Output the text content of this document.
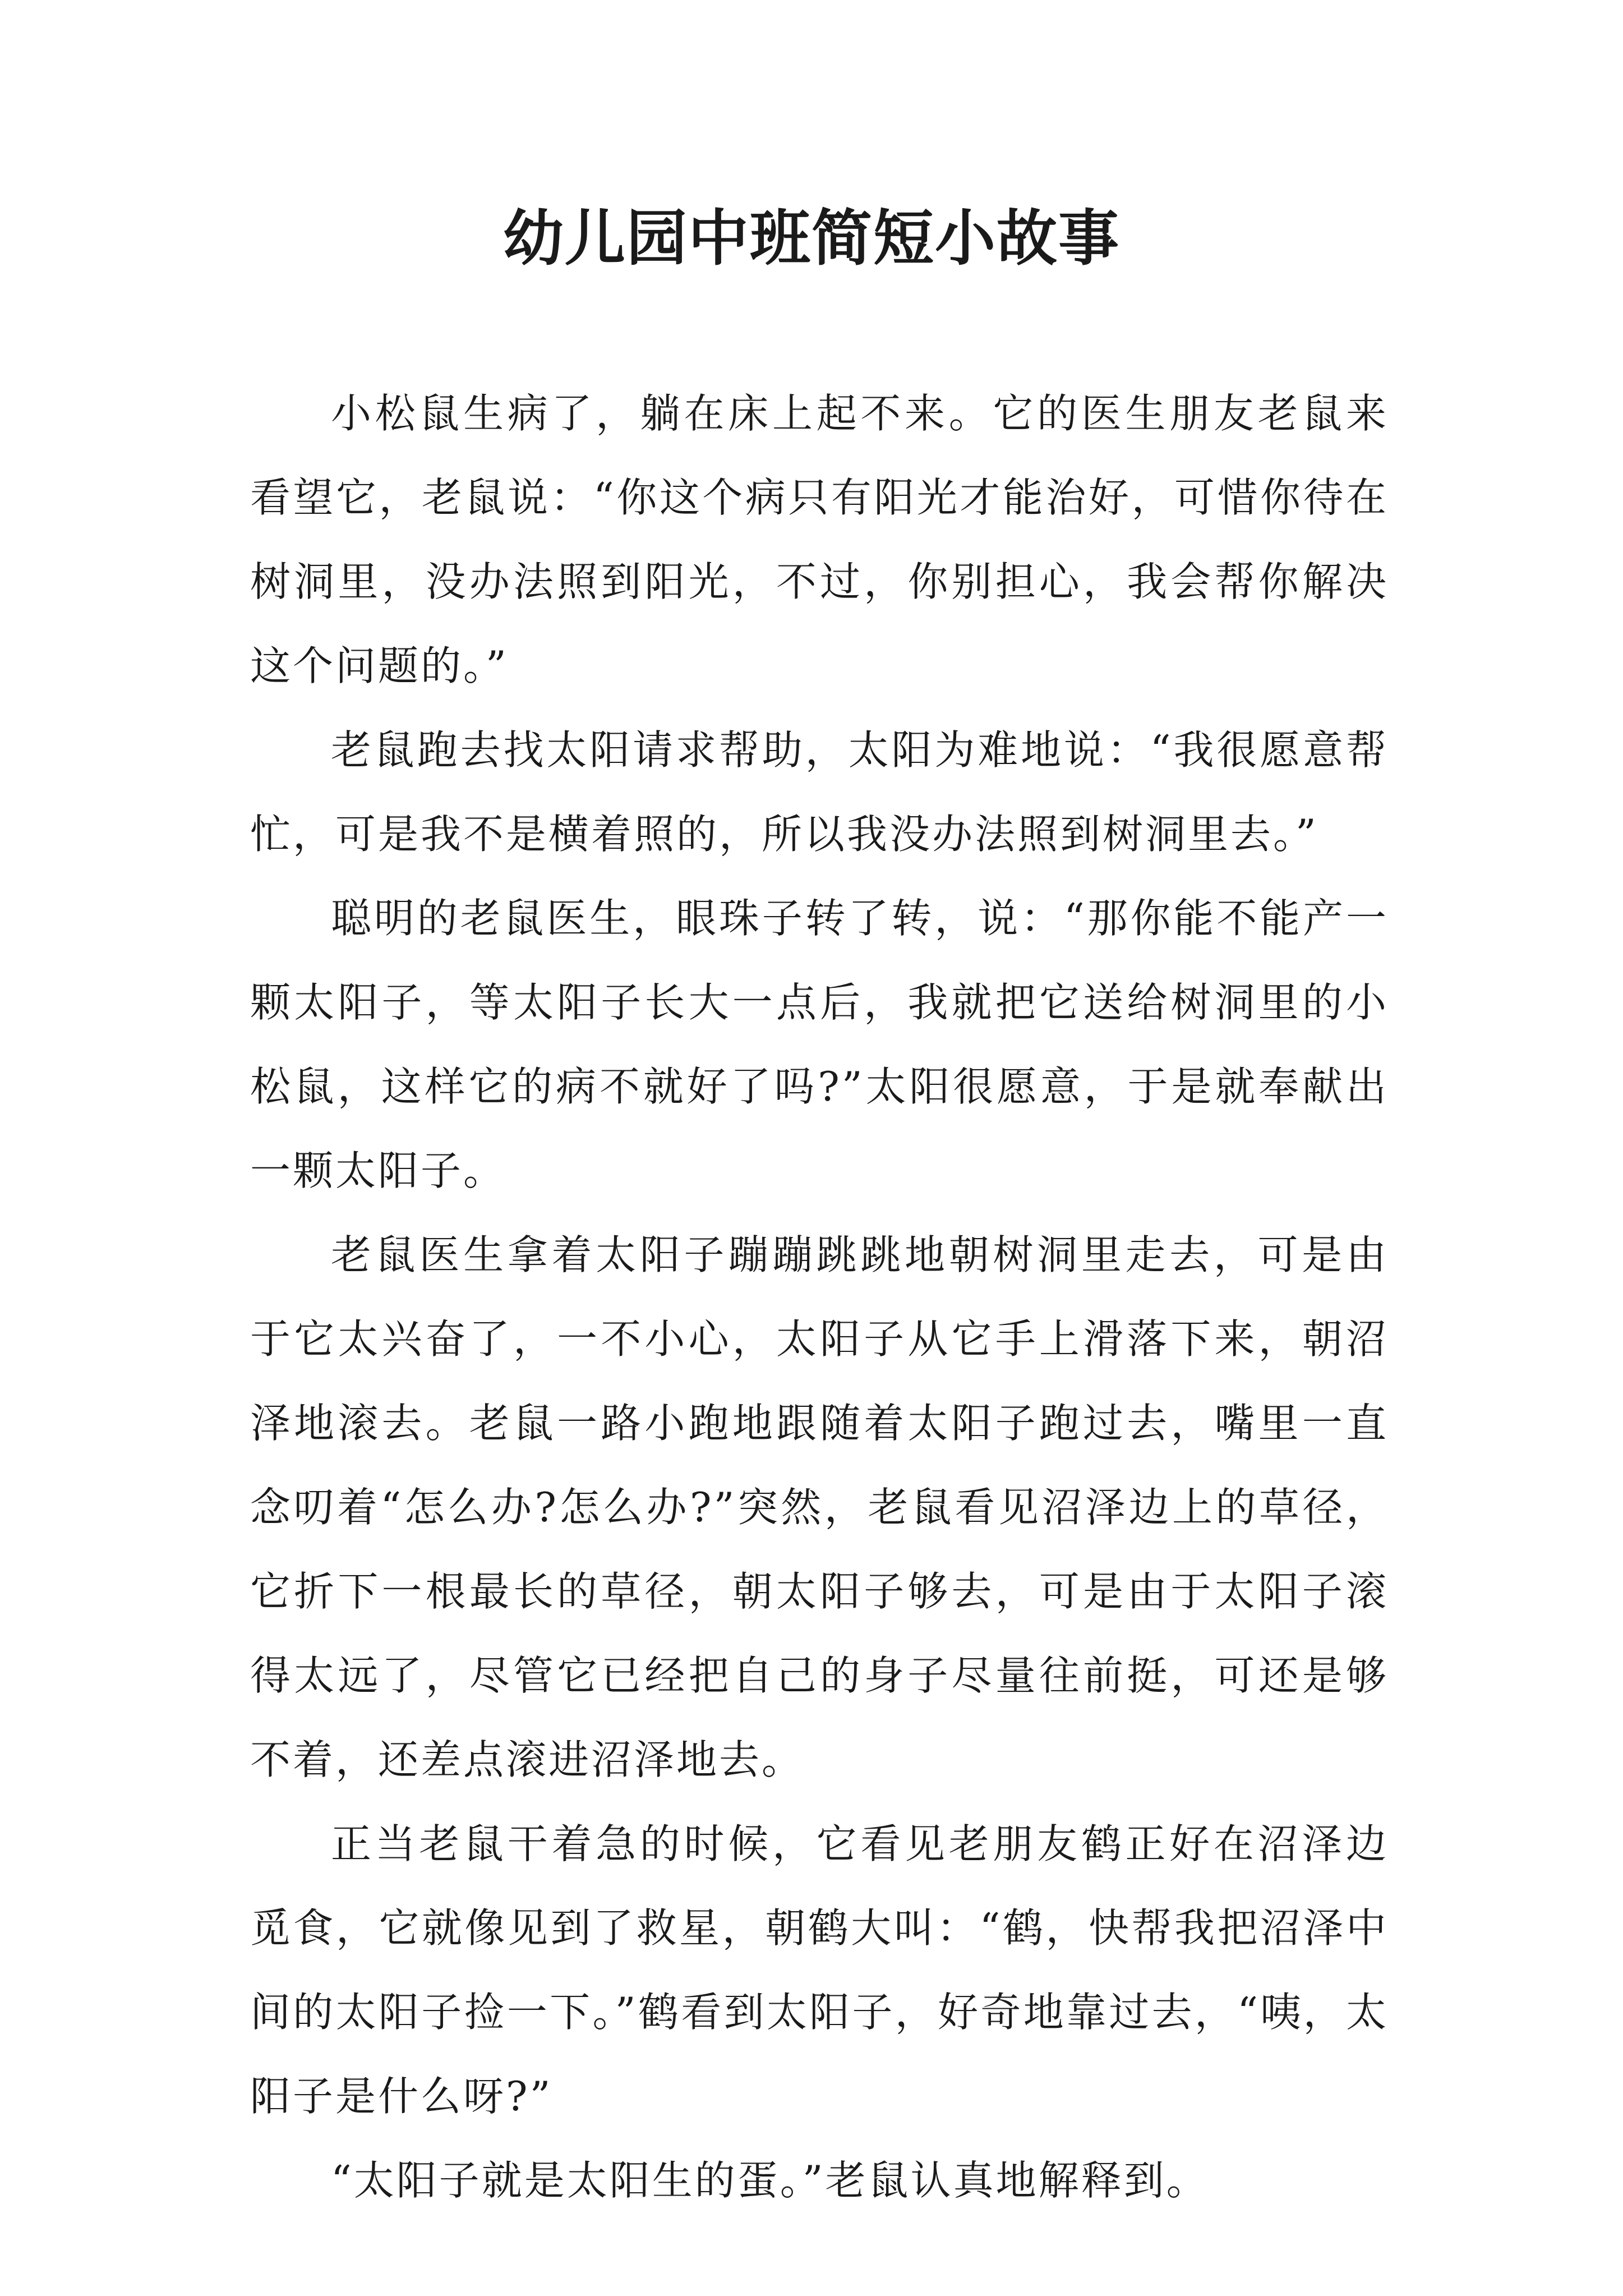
幼儿园中班简短小故事

小松鼠生病了，躺在床上起不来。它的医生朋友老鼠来看望它，老鼠说：“你这个病只有阳光才能治好，可惜你待在树洞里，没办法照到阳光，不过，你别担心，我会帮你解决这个问题的。”

老鼠跑去找太阳请求帮助，太阳为难地说：“我很愿意帮忙，可是我不是横着照的，所以我没办法照到树洞里去。”

聪明的老鼠医生，眼珠子转了转，说：“那你能不能产一颗太阳子，等太阳子长大一点后，我就把它送给树洞里的小松鼠，这样它的病不就好了吗?”太阳很愿意，于是就奉献出一颗太阳子。

老鼠医生拿着太阳子蹦蹦跳跳地朝树洞里走去，可是由于它太兴奋了，一不小心，太阳子从它手上滑落下来，朝沼泽地滚去。老鼠一路小跑地跟随着太阳子跑过去，嘴里一直念叨着“怎么办?怎么办?”突然，老鼠看见沼泽边上的草径，它折下一根最长的草径，朝太阳子够去，可是由于太阳子滚得太远了，尽管它已经把自己的身子尽量往前挺，可还是够不着，还差点滚进沼泽地去。

正当老鼠干着急的时候，它看见老朋友鹤正好在沼泽边觅食，它就像见到了救星，朝鹤大叫：“鹤，快帮我把沼泽中间的太阳子捡一下。”鹤看到太阳子，好奇地靠过去，“咦，太阳子是什么呀?”

“太阳子就是太阳生的蛋。”老鼠认真地解释到。
